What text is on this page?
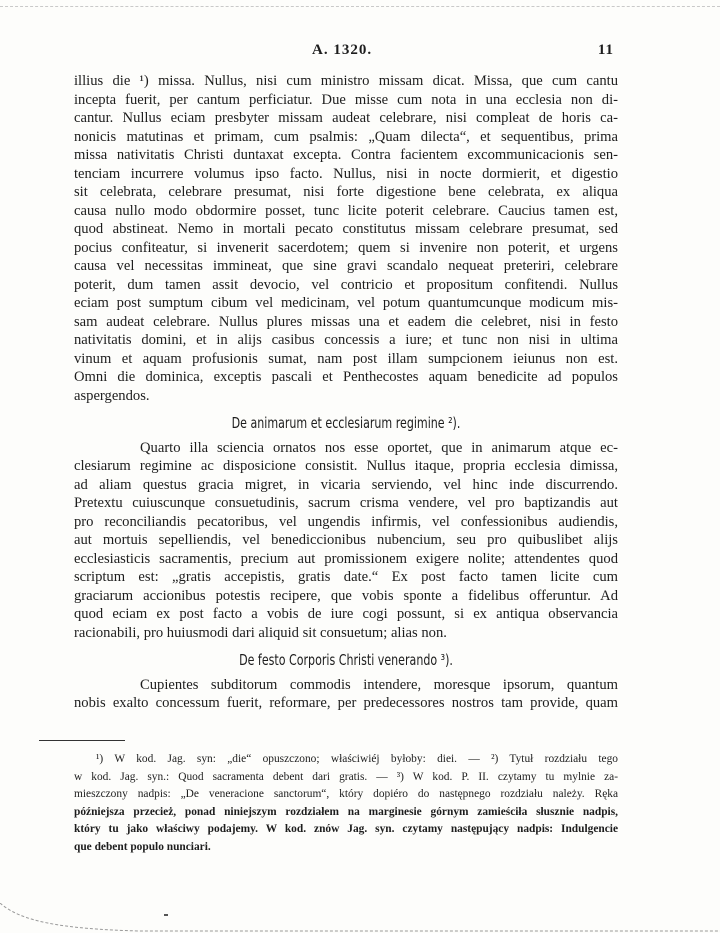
A. 1320.	11
illius die ¹) missa. Nullus, nisi cum ministro missam dicat. Missa, que cum cantu
incepta fuerit, per cantum perficiatur. Due misse cum nota in una ecclesia non di-
cantur. Nullus eciam presbyter missam audeat celebrare, nisi compleat de horis ca-
nonicis matutinas et primam, cum psalmis: „Quam dilecta“, et sequentibus, prima
missa nativitatis Christi duntaxat excepta. Contra facientem excommunicacionis sen-
tenciam incurrere volumus ipso facto. Nullus, nisi in nocte dormierit, et digestio
sit celebrata, celebrare presumat, nisi forte digestione bene celebrata, ex aliqua
causa nullo modo obdormire posset, tunc licite poterit celebrare. Caucius tamen est,
quod abstineat. Nemo in mortali pecato constitutus missam celebrare presumat, sed
pocius confiteatur, si invenerit sacerdotem; quem si invenire non poterit, et urgens
causa vel necessitas immineat, que sine gravi scandalo nequeat preteriri, celebrare
poterit, dum tamen assit devocio, vel contricio et propositum confitendi. Nullus
eciam post sumptum cibum vel medicinam, vel potum quantumcunque modicum mis-
sam audeat celebrare. Nullus plures missas una et eadem die celebret, nisi in festo
nativitatis domini, et in alijs casibus concessis a iure; et tunc non nisi in ultima
vinum et aquam profusionis sumat, nam post illam sumpcionem ieiunus non est.
Omni die dominica, exceptis pascali et Penthecostes aquam benedicite ad populos
aspergendos.
De animarum et ecclesiarum regimine ²).
Quarto illa sciencia ornatos nos esse oportet, que in animarum atque ec-
clesiarum regimine ac disposicione consistit. Nullus itaque, propria ecclesia dimissa,
ad aliam questus gracia migret, in vicaria serviendo, vel hinc inde discurrendo.
Pretextu cuiuscunque consuetudinis, sacrum crisma vendere, vel pro baptizandis aut
pro reconciliandis pecatoribus, vel ungendis infirmis, vel confessionibus audiendis,
aut mortuis sepelliendis, vel benediccionibus nubencium, seu pro quibuslibet alijs
ecclesiasticis sacramentis, precium aut promissionem exigere nolite; attendentes quod
scriptum est: „gratis accepistis, gratis date.“ Ex post facto tamen licite cum
graciarum accionibus potestis recipere, que vobis sponte a fidelibus offeruntur. Ad
quod eciam ex post facto a vobis de iure cogi possunt, si ex antiqua observancia
racionabili, pro huiusmodi dari aliquid sit consuetum; alias non.
De festo Corporis Christi venerando ³).
Cupientes subditorum commodis intendere, moresque ipsorum, quantum
nobis exalto concessum fuerit, reformare, per predecessores nostros tam provide, quam
¹) W kod. Jag. syn: „die“ opuszczono; właściwiéj byłoby: diei. — ²) Tytuł rozdziału tego
w kod. Jag. syn.: Quod sacramenta debent dari gratis. — ³) W kod. P. II. czytamy tu mylnie za-
mieszczony nadpis: „De veneracione sanctorum“, który dopiéro do następnego rozdziału należy. Ręka
późniejsza przecież, ponad niniejszym rozdziałem na marginesie górnym zamieściła słusznie nadpis,
który tu jako właściwy podajemy. W kod. znów Jag. syn. czytamy następujący nadpis: Indulgencie
que debent populo nunciari.
